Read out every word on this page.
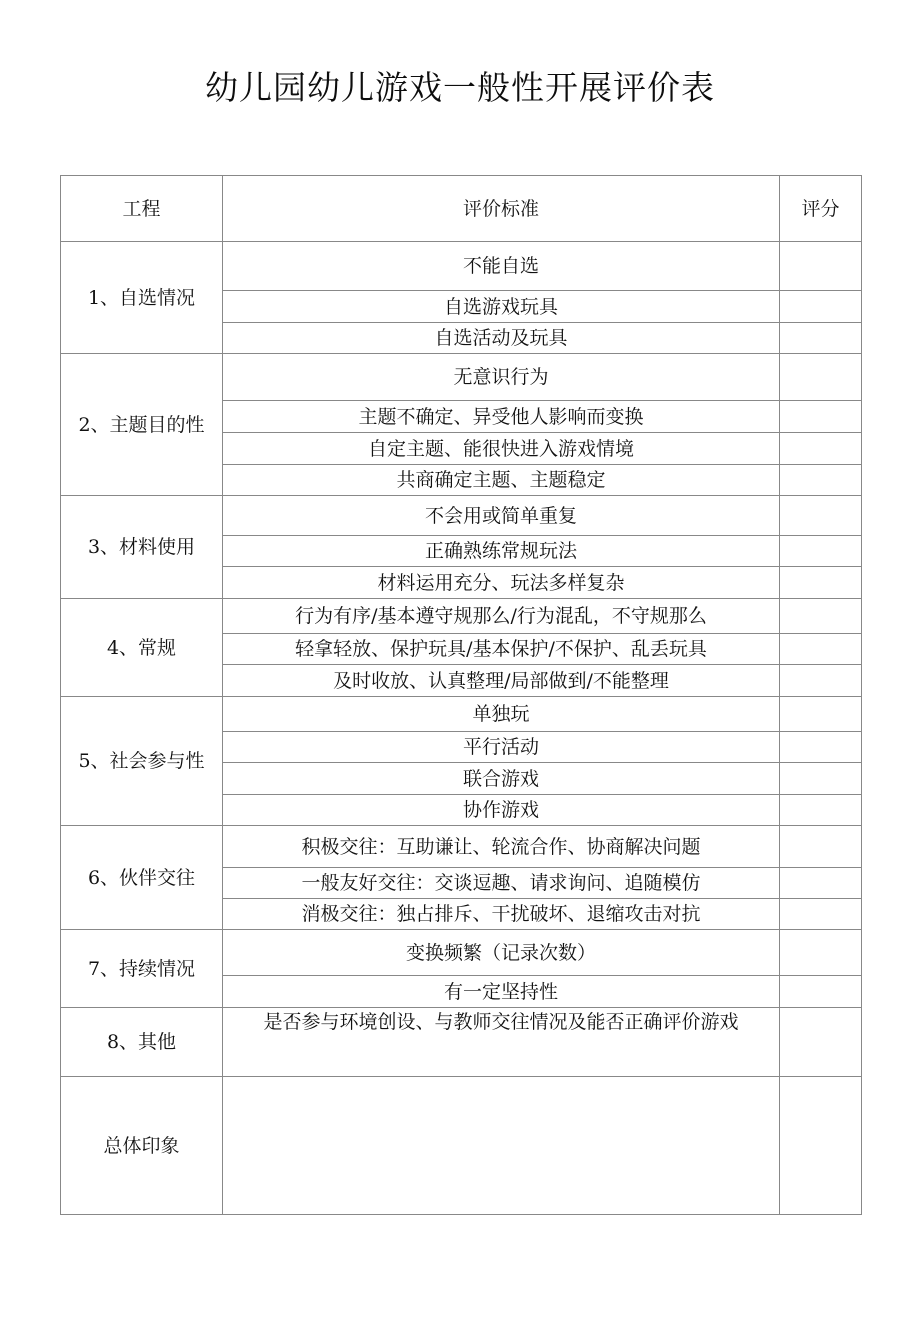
幼儿园幼儿游戏一般性开展评价表
工程	评价标准	评分
1、自选情况	不能自选	
	自选游戏玩具	
	自选活动及玩具	
2、主题目的性	无意识行为	
	主题不确定、异受他人影响而变换	
	自定主题、能很快进入游戏情境	
	共商确定主题、主题稳定	
3、材料使用	不会用或简单重复	
	正确熟练常规玩法	
	材料运用充分、玩法多样复杂	
4、常规	行为有序/基本遵守规那么/行为混乱，不守规那么	
	轻拿轻放、保护玩具/基本保护/不保护、乱丢玩具	
	及时收放、认真整理/局部做到/不能整理	
5、社会参与性	单独玩	
	平行活动	
	联合游戏	
	协作游戏	
6、伙伴交往	积极交往：互助谦让、轮流合作、协商解决问题	
	一般友好交往：交谈逗趣、请求询问、追随模仿	
	消极交往：独占排斥、干扰破坏、退缩攻击对抗	
7、持续情况	变换频繁（记录次数）	
	有一定坚持性	
8、其他	是否参与环境创设、与教师交往情况及能否正确评价游戏	
总体印象		
